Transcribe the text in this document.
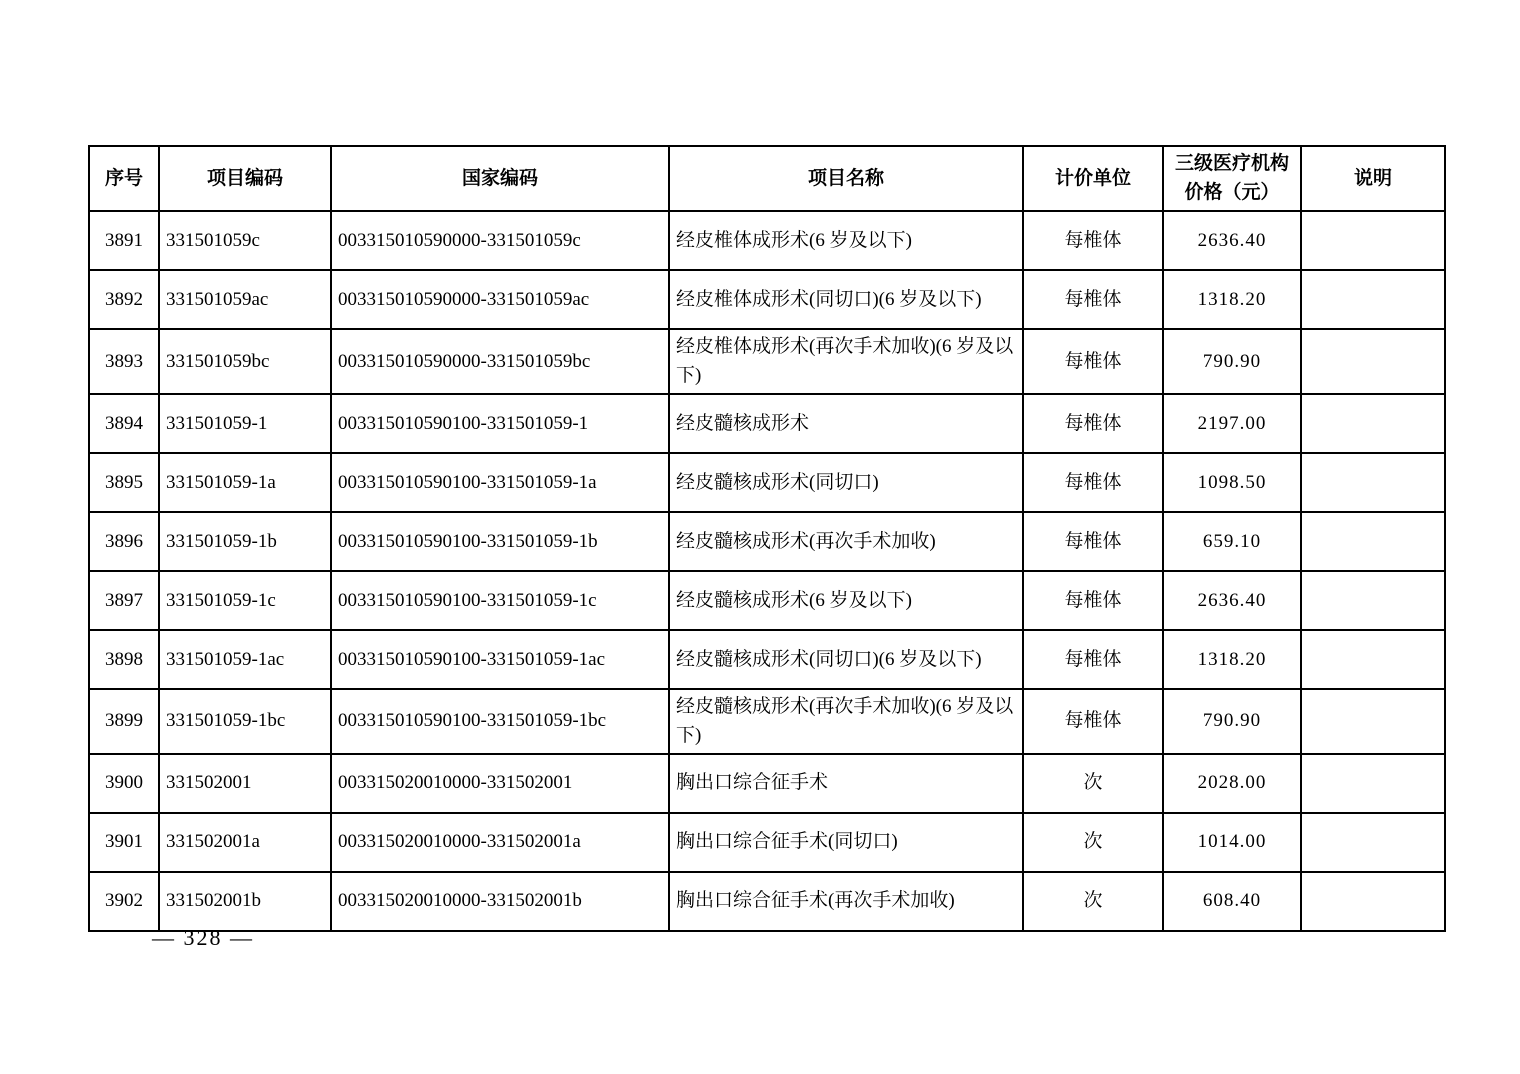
序号	项目编码	国家编码	项目名称	计价单位	三级医疗机构价格（元）	说明
3891	331501059c	003315010590000-331501059c	经皮椎体成形术(6 岁及以下)	每椎体	2636.40	
3892	331501059ac	003315010590000-331501059ac	经皮椎体成形术(同切口)(6 岁及以下)	每椎体	1318.20	
3893	331501059bc	003315010590000-331501059bc	经皮椎体成形术(再次手术加收)(6 岁及以下)	每椎体	790.90	
3894	331501059-1	003315010590100-331501059-1	经皮髓核成形术	每椎体	2197.00	
3895	331501059-1a	003315010590100-331501059-1a	经皮髓核成形术(同切口)	每椎体	1098.50	
3896	331501059-1b	003315010590100-331501059-1b	经皮髓核成形术(再次手术加收)	每椎体	659.10	
3897	331501059-1c	003315010590100-331501059-1c	经皮髓核成形术(6 岁及以下)	每椎体	2636.40	
3898	331501059-1ac	003315010590100-331501059-1ac	经皮髓核成形术(同切口)(6 岁及以下)	每椎体	1318.20	
3899	331501059-1bc	003315010590100-331501059-1bc	经皮髓核成形术(再次手术加收)(6 岁及以下)	每椎体	790.90	
3900	331502001	003315020010000-331502001	胸出口综合征手术	次	2028.00	
3901	331502001a	003315020010000-331502001a	胸出口综合征手术(同切口)	次	1014.00	
3902	331502001b	003315020010000-331502001b	胸出口综合征手术(再次手术加收)	次	608.40	
— 328 —
